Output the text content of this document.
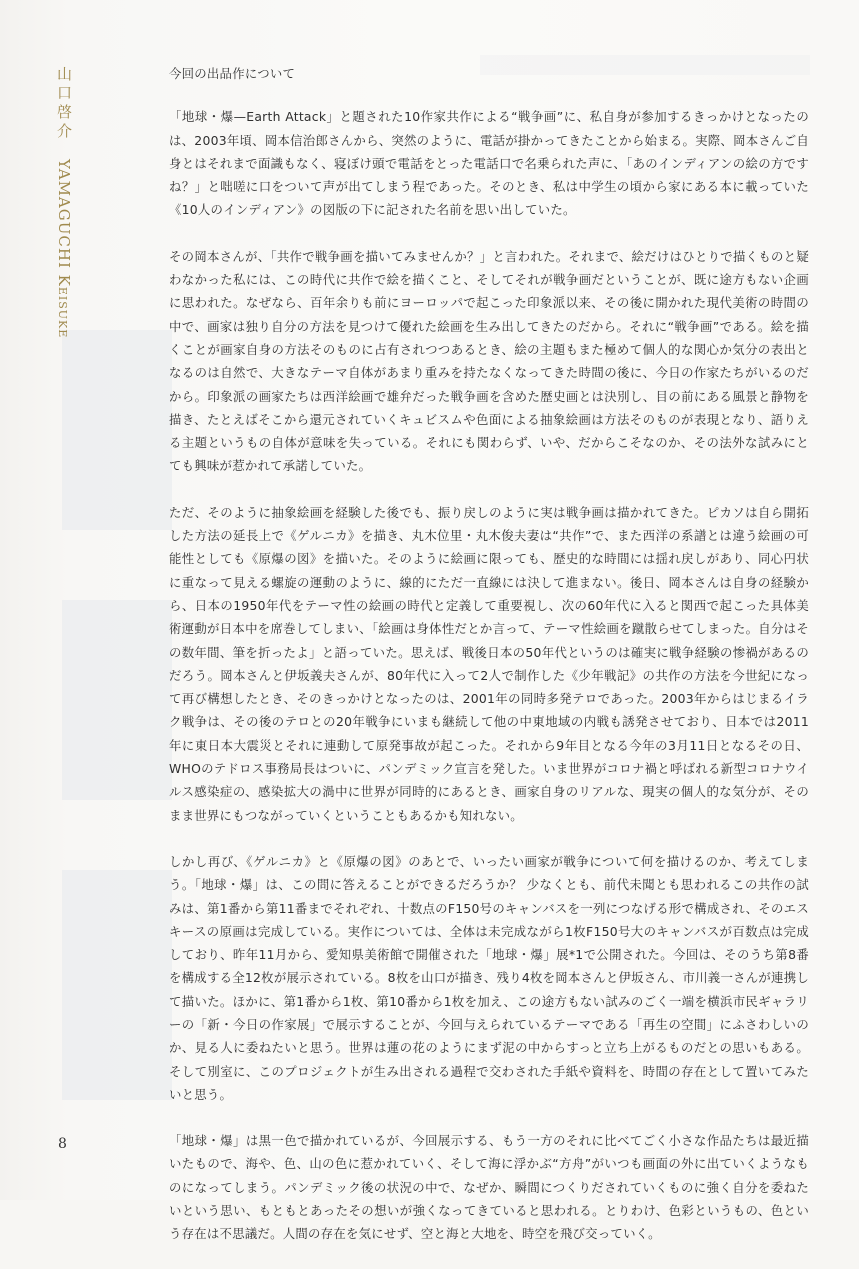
山口啓介 YAMAGUCHI Keisuke
今回の出品作について

「地球・爆—Earth Attack」と題された10作家共作による“戦争画”に、私自身が参加するきっかけとなったのは、2003年頃、岡本信治郎さんから、突然のように、電話が掛かってきたことから始まる。実際、岡本さんご自身とはそれまで面識もなく、寝ぼけ頭で電話をとった電話口で名乗られた声に、「あのインディアンの絵の方ですね？」と咄嗟に口をついて声が出てしまう程であった。そのとき、私は中学生の頃から家にある本に載っていた《10人のインディアン》の図版の下に記された名前を思い出していた。

その岡本さんが、「共作で戦争画を描いてみませんか？」と言われた。それまで、絵だけはひとりで描くものと疑わなかった私には、この時代に共作で絵を描くこと、そしてそれが戦争画だということが、既に途方もない企画に思われた。なぜなら、百年余りも前にヨーロッパで起こった印象派以来、その後に開かれた現代美術の時間の中で、画家は独り自分の方法を見つけて優れた絵画を生み出してきたのだから。それに“戦争画”である。絵を描くことが画家自身の方法そのものに占有されつつあるとき、絵の主題もまた極めて個人的な関心か気分の表出となるのは自然で、大きなテーマ自体があまり重みを持たなくなってきた時間の後に、今日の作家たちがいるのだから。印象派の画家たちは西洋絵画で雄弁だった戦争画を含めた歴史画とは決別し、目の前にある風景と静物を描き、たとえばそこから還元されていくキュビスムや色面による抽象絵画は方法そのものが表現となり、語りえる主題というもの自体が意味を失っている。それにも関わらず、いや、だからこそなのか、その法外な試みにとても興味が惹かれて承諾していた。

ただ、そのように抽象絵画を経験した後でも、振り戻しのように実は戦争画は描かれてきた。ピカソは自ら開拓した方法の延長上で《ゲルニカ》を描き、丸木位里・丸木俊夫妻は“共作”で、また西洋の系譜とは違う絵画の可能性としても《原爆の図》を描いた。そのように絵画に限っても、歴史的な時間には揺れ戻しがあり、同心円状に重なって見える螺旋の運動のように、線的にただ一直線には決して進まない。後日、岡本さんは自身の経験から、日本の1950年代をテーマ性の絵画の時代と定義して重要視し、次の60年代に入ると関西で起こった具体美術運動が日本中を席巻してしまい、「絵画は身体性だとか言って、テーマ性絵画を蹴散らせてしまった。自分はその数年間、筆を折ったよ」と語っていた。思えば、戦後日本の50年代というのは確実に戦争経験の惨禍があるのだろう。岡本さんと伊坂義夫さんが、80年代に入って2人で制作した《少年戦記》の共作の方法を今世紀になって再び構想したとき、そのきっかけとなったのは、2001年の同時多発テロであった。2003年からはじまるイラク戦争は、その後のテロとの20年戦争にいまも継続して他の中東地域の内戦も誘発させており、日本では2011年に東日本大震災とそれに連動して原発事故が起こった。それから9年目となる今年の3月11日となるその日、WHOのテドロス事務局長はついに、パンデミック宣言を発した。いま世界がコロナ禍と呼ばれる新型コロナウイルス感染症の、感染拡大の渦中に世界が同時的にあるとき、画家自身のリアルな、現実の個人的な気分が、そのまま世界にもつながっていくということもあるかも知れない。

しかし再び、《ゲルニカ》と《原爆の図》のあとで、いったい画家が戦争について何を描けるのか、考えてしまう。「地球・爆」は、この問に答えることができるだろうか？ 少なくとも、前代未聞とも思われるこの共作の試みは、第1番から第11番までそれぞれ、十数点のF150号のキャンバスを一列につなげる形で構成され、そのエスキースの原画は完成している。実作については、全体は未完成ながら1枚F150号大のキャンバスが百数点は完成しており、昨年11月から、愛知県美術館で開催された「地球・爆」展*1で公開された。今回は、そのうち第8番を構成する全12枚が展示されている。8枚を山口が描き、残り4枚を岡本さんと伊坂さん、市川義一さんが連携して描いた。ほかに、第1番から1枚、第10番から1枚を加え、この途方もない試みのごく一端を横浜市民ギャラリーの「新・今日の作家展」で展示することが、今回与えられているテーマである「再生の空間」にふさわしいのか、見る人に委ねたいと思う。世界は蓮の花のようにまず泥の中からすっと立ち上がるものだとの思いもある。そして別室に、このプロジェクトが生み出される過程で交わされた手紙や資料を、時間の存在として置いてみたいと思う。

「地球・爆」は黒一色で描かれているが、今回展示する、もう一方のそれに比べてごく小さな作品たちは最近描いたもので、海や、色、山の色に惹かれていく、そして海に浮かぶ“方舟”がいつも画面の外に出ていくようなものになってしまう。パンデミック後の状況の中で、なぜか、瞬間につくりだされていくものに強く自分を委ねたいという思い、もともとあったその想いが強くなってきていると思われる。とりわけ、色彩というもの、色という存在は不思議だ。人間の存在を気にせず、空と海と大地を、時空を飛び交っていく。

8
